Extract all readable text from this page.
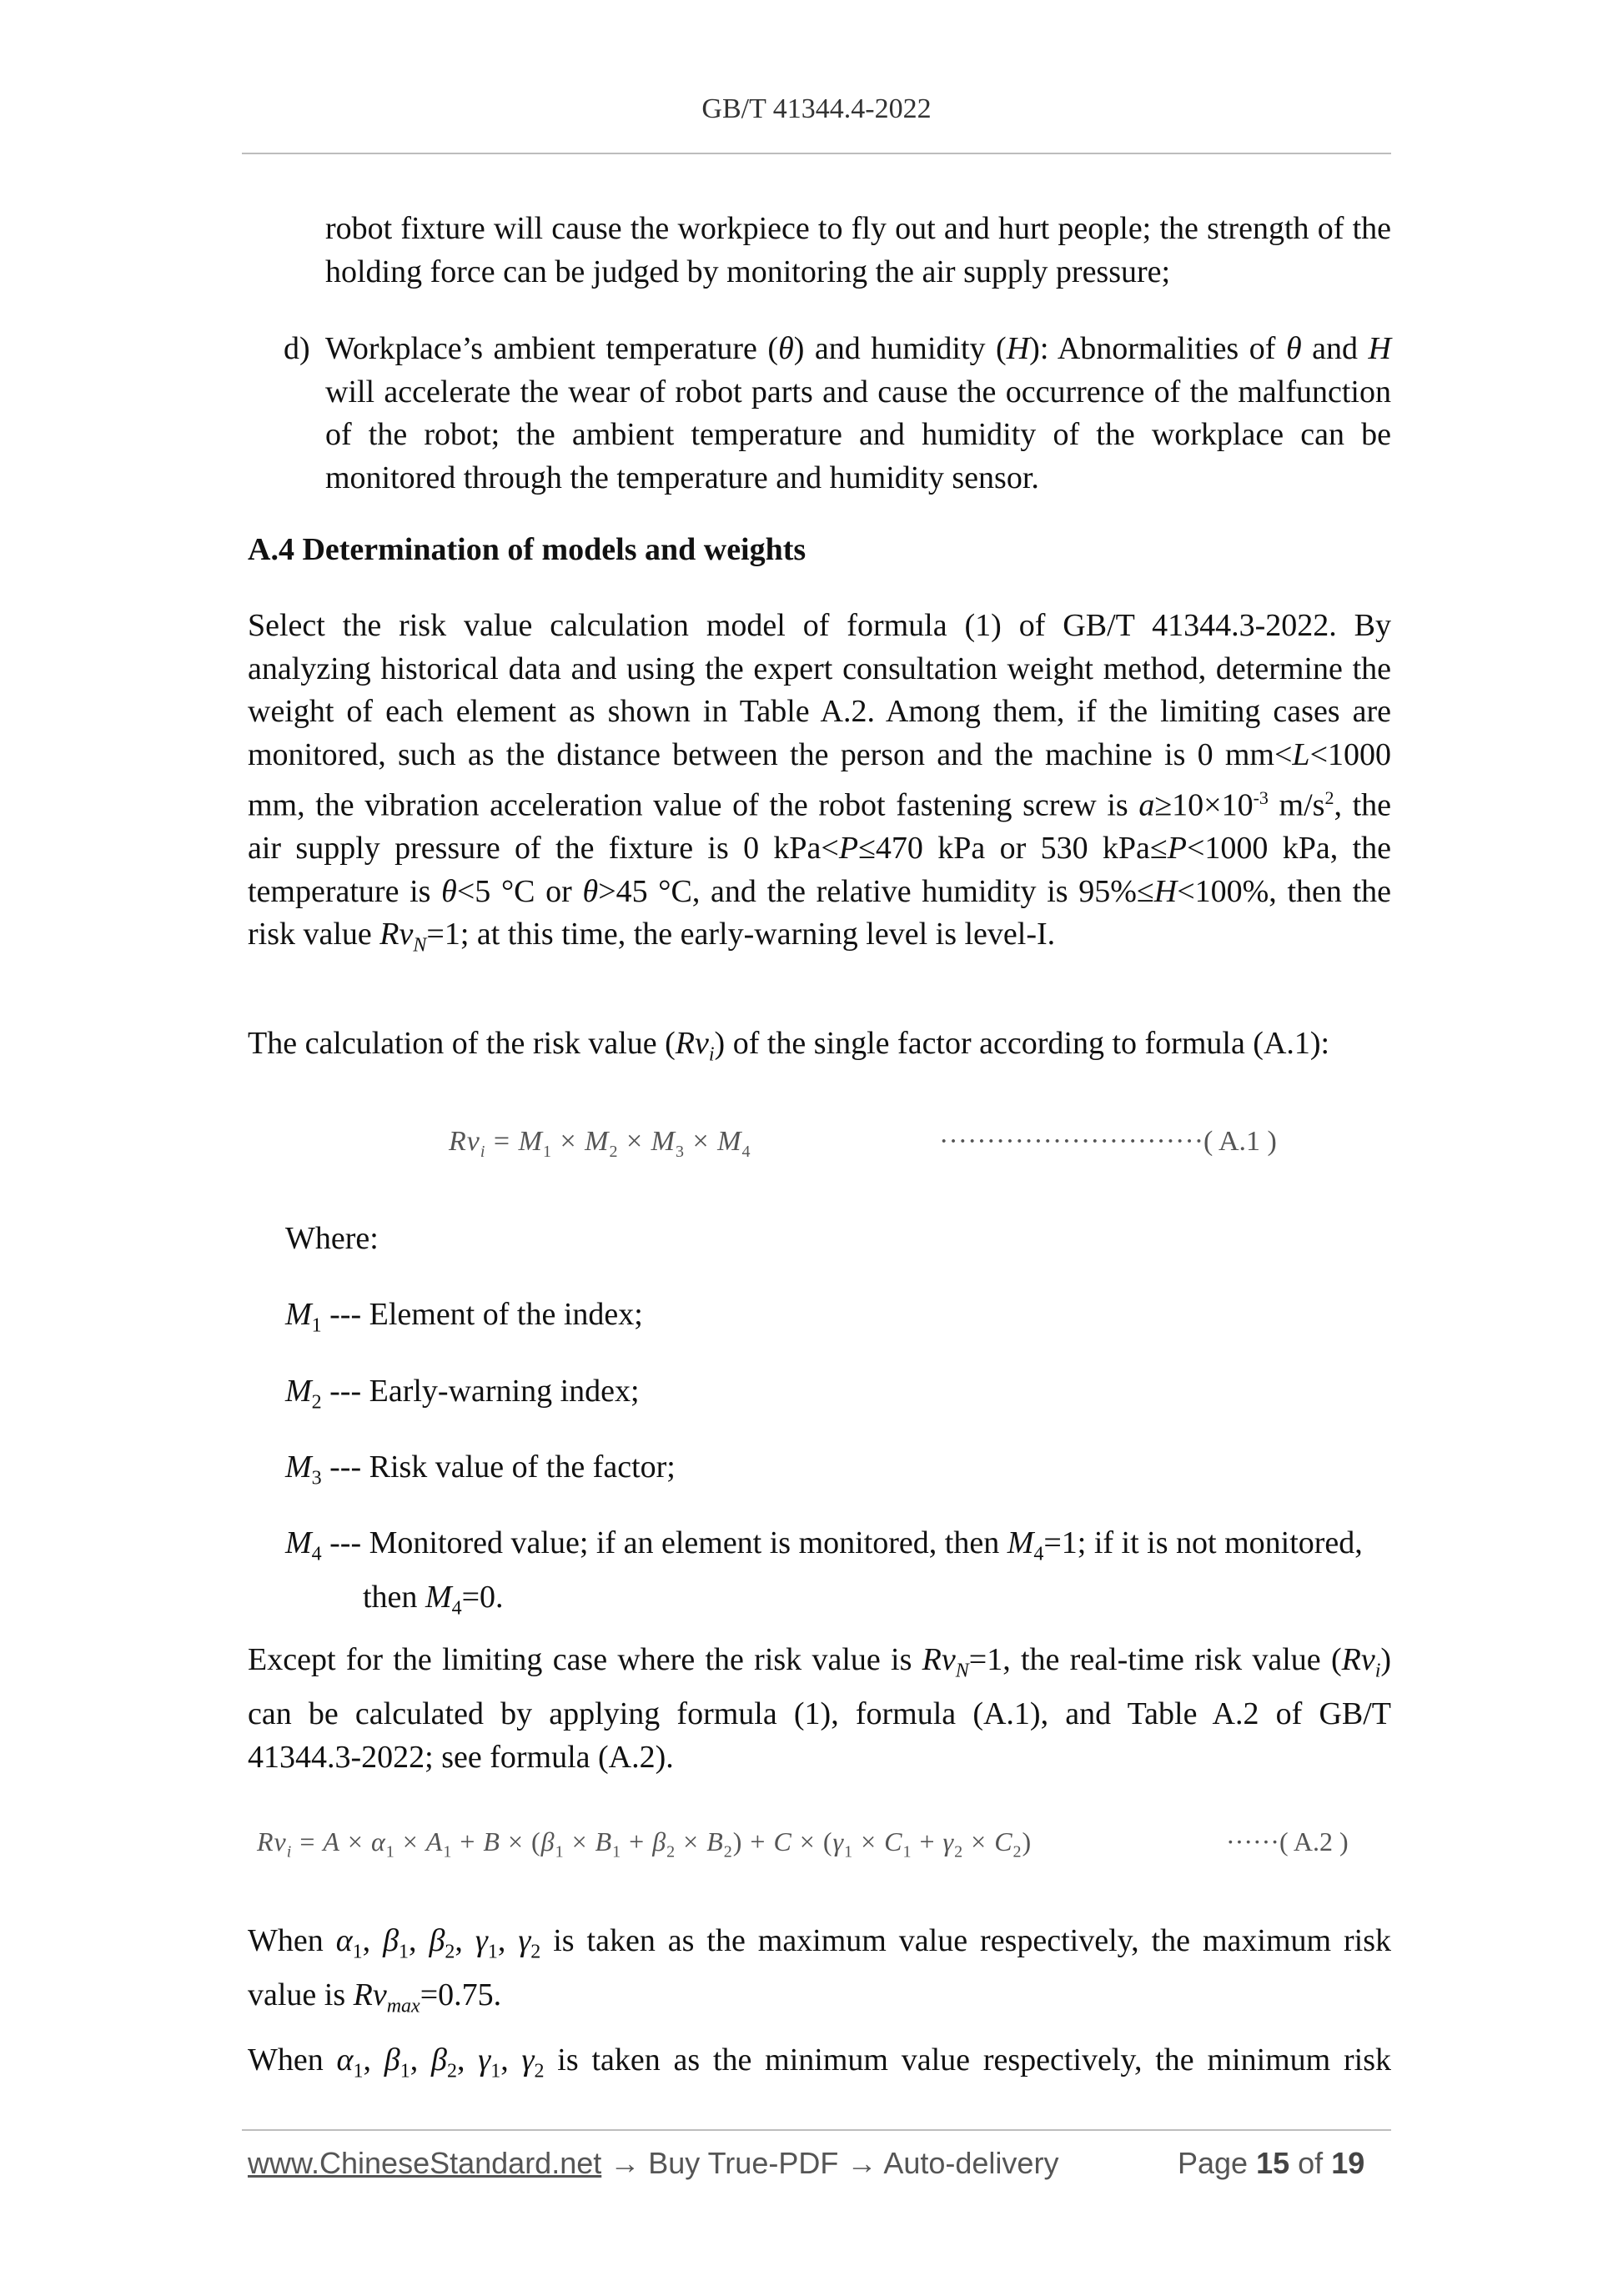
GB/T 41344.4-2022

robot fixture will cause the workpiece to fly out and hurt people; the strength of the holding force can be judged by monitoring the air supply pressure;

d) Workplace’s ambient temperature (θ) and humidity (H): Abnormalities of θ and H will accelerate the wear of robot parts and cause the occurrence of the malfunction of the robot; the ambient temperature and humidity of the workplace can be monitored through the temperature and humidity sensor.

A.4 Determination of models and weights

Select the risk value calculation model of formula (1) of GB/T 41344.3-2022. By analyzing historical data and using the expert consultation weight method, determine the weight of each element as shown in Table A.2. Among them, if the limiting cases are monitored, such as the distance between the person and the machine is 0 mm<L<1000 mm, the vibration acceleration value of the robot fastening screw is $a\ge 10\times 10^{-3}$ $m/s^2$, the air supply pressure of the fixture is 0 kPa<P≤470 kPa or 530 kPa≤P<1000 kPa, the temperature is θ<5 °C or θ>45 °C, and the relative humidity is 95%≤H<100%, then the risk value $Rv_N=1$; at this time, the early-warning level is level-I.

The calculation of the risk value $(Rv_i)$ of the single factor according to formula (A.1):

$Rv_i = M_1 \times M_2 \times M_3 \times M_4$	····························( A.1 )
Where:
$M_1$ --- Element of the index;
$M_2$ --- Early-warning index;
$M_3$ --- Risk value of the factor;
$M_4$ --- Monitored value; if an element is monitored, then $M_4=1$; if it is not monitored,
then $M_4=0$.

Except for the limiting case where the risk value is $Rv_N=1$, the real-time risk value $(Rv_i)$ can be calculated by applying formula (1), formula (A.1), and Table A.2 of GB/T 41344.3-2022; see formula (A.2).

$Rv_i = A \times \alpha_1 \times A_1 + B \times (\beta_1 \times B_1 + \beta_2 \times B_2) + C \times (\gamma_1 \times C_1 + \gamma_2 \times C_2)$	······( A.2 )

When $\alpha_1$, $\beta_1$, $\beta_2$, $\gamma_1$, $\gamma_2$ is taken as the maximum value respectively, the maximum risk value is $Rv_{max}=0.75$.

When $\alpha_1$, $\beta_1$, $\beta_2$, $\gamma_1$, $\gamma_2$ is taken as the minimum value respectively, the minimum risk

www.ChineseStandard.net → Buy True-PDF → Auto-delivery	Page 15 of 19
